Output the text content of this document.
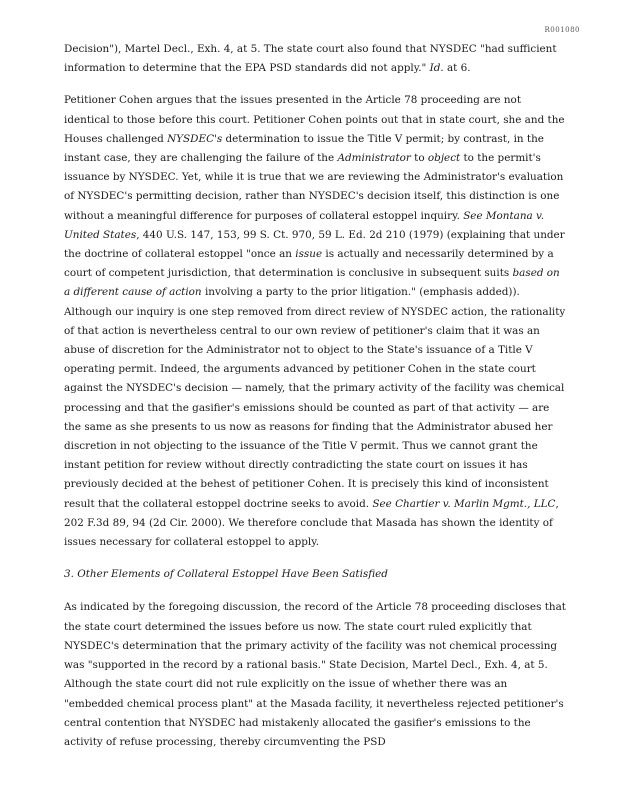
R001080

Decision"), Martel Decl., Exh. 4, at 5. The state court also found that NYSDEC "had sufficient information to determine that the EPA PSD standards did not apply." Id. at 6.

Petitioner Cohen argues that the issues presented in the Article 78 proceeding are not identical to those before this court. Petitioner Cohen points out that in state court, she and the Houses challenged NYSDEC's determination to issue the Title V permit; by contrast, in the instant case, they are challenging the failure of the Administrator to object to the permit's issuance by NYSDEC. Yet, while it is true that we are reviewing the Administrator's evaluation of NYSDEC's permitting decision, rather than NYSDEC's decision itself, this distinction is one without a meaningful difference for purposes of collateral estoppel inquiry. See Montana v. United States, 440 U.S. 147, 153, 99 S. Ct. 970, 59 L. Ed. 2d 210 (1979) (explaining that under the doctrine of collateral estoppel "once an issue is actually and necessarily determined by a court of competent jurisdiction, that determination is conclusive in subsequent suits based on a different cause of action involving a party to the prior litigation." (emphasis added)). Although our inquiry is one step removed from direct review of NYSDEC action, the rationality of that action is nevertheless central to our own review of petitioner's claim that it was an abuse of discretion for the Administrator not to object to the State's issuance of a Title V operating permit. Indeed, the arguments advanced by petitioner Cohen in the state court against the NYSDEC's decision — namely, that the primary activity of the facility was chemical processing and that the gasifier's emissions should be counted as part of that activity — are the same as she presents to us now as reasons for finding that the Administrator abused her discretion in not objecting to the issuance of the Title V permit. Thus we cannot grant the instant petition for review without directly contradicting the state court on issues it has previously decided at the behest of petitioner Cohen. It is precisely this kind of inconsistent result that the collateral estoppel doctrine seeks to avoid. See Chartier v. Marlin Mgmt., LLC, 202 F.3d 89, 94 (2d Cir. 2000). We therefore conclude that Masada has shown the identity of issues necessary for collateral estoppel to apply.

3. Other Elements of Collateral Estoppel Have Been Satisfied

As indicated by the foregoing discussion, the record of the Article 78 proceeding discloses that the state court determined the issues before us now. The state court ruled explicitly that NYSDEC's determination that the primary activity of the facility was not chemical processing was "supported in the record by a rational basis." State Decision, Martel Decl., Exh. 4, at 5. Although the state court did not rule explicitly on the issue of whether there was an "embedded chemical process plant" at the Masada facility, it nevertheless rejected petitioner's central contention that NYSDEC had mistakenly allocated the gasifier's emissions to the activity of refuse processing, thereby circumventing the PSD
